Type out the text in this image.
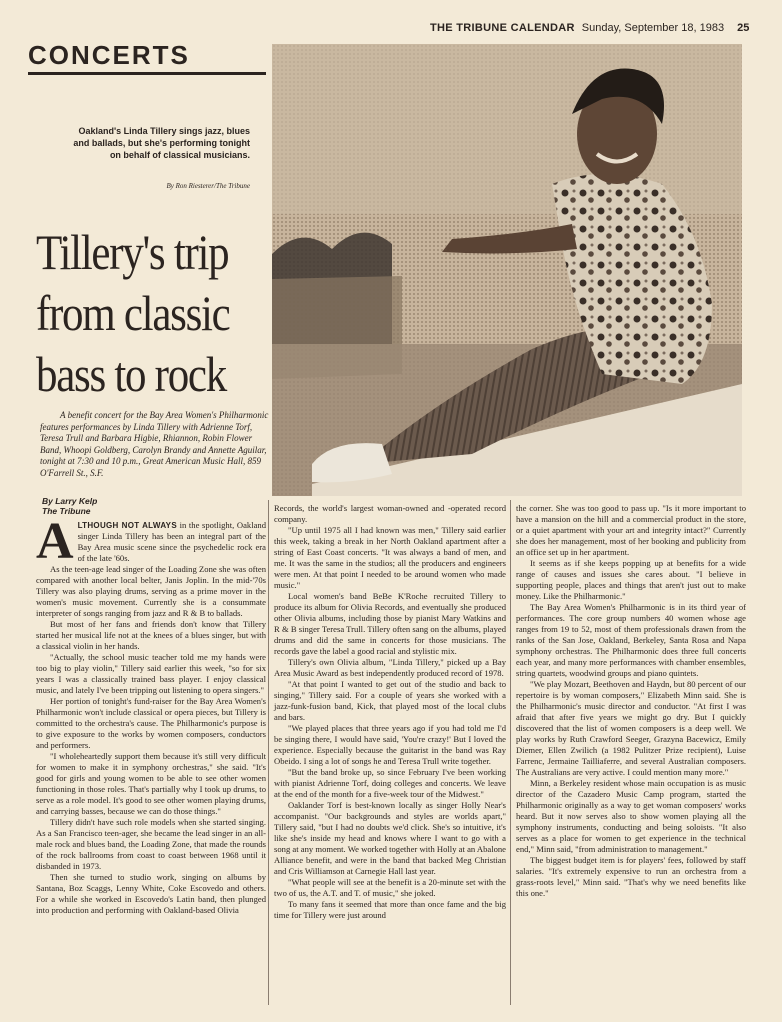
THE TRIBUNE CALENDAR Sunday, September 18, 1983 25
CONCERTS
Oakland's Linda Tillery sings jazz, blues and ballads, but she's performing tonight on behalf of classical musicians.
By Ron Riesterer/The Tribune
Tillery's trip from classic bass to rock
A benefit concert for the Bay Area Women's Philharmonic features performances by Linda Tillery with Adrienne Torf, Teresa Trull and Barbara Higbie, Rhiannon, Robin Flower Band, Whoopi Goldberg, Carolyn Brandy and Annette Aguilar, tonight at 7:30 and 10 p.m., Great American Music Hall, 859 O'Farrell St., S.F.
By Larry Kelp
The Tribune

ALTHOUGH NOT ALWAYS in the spotlight, Oakland singer Linda Tillery has been an integral part of the Bay Area music scene since the psychedelic rock era of the late '60s.

As the teen-age lead singer of the Loading Zone she was often compared with another local belter, Janis Joplin. In the mid-'70s Tillery was also playing drums, serving as a prime mover in the women's music movement. Currently she is a consummate interpreter of songs ranging from jazz and R & B to ballads.

But most of her fans and friends don't know that Tillery started her musical life not at the knees of a blues singer, but with a classical violin in her hands.

"Actually, the school music teacher told me my hands were too big to play violin," Tillery said earlier this week, "so for six years I was a classically trained bass player. I enjoy classical music, and lately I've been tripping out listening to opera singers."

Her portion of tonight's fund-raiser for the Bay Area Women's Philharmonic won't include classical or opera pieces, but Tillery is committed to the orchestra's cause. The Philharmonic's purpose is to give exposure to the works by women composers, conductors and performers.

"I wholeheartedly support them because it's still very difficult for women to make it in symphony orchestras," she said. "It's good for girls and young women to be able to see other women functioning in those roles. That's partially why I took up drums, to serve as a role model. It's good to see other women playing drums, and carrying basses, because we can do those things."

Tillery didn't have such role models when she started singing. As a San Francisco teen-ager, she became the lead singer in an all-male rock and blues band, the Loading Zone, that made the rounds of the rock ballrooms from coast to coast between 1968 until it disbanded in 1973.

Then she turned to studio work, singing on albums by Santana, Boz Scaggs, Lenny White, Coke Escovedo and others. For a while she worked in Escovedo's Latin band, then plunged into production and performing with Oakland-based Olivia

Records, the world's largest woman-owned and -operated record company.

"Up until 1975 all I had known was men," Tillery said earlier this week, taking a break in her North Oakland apartment after a string of East Coast concerts. "It was always a band of men, and me. It was the same in the studios; all the producers and engineers were men. At that point I needed to be around women who made music."

Local women's band BeBe K'Roche recruited Tillery to produce its album for Olivia Records, and eventually she produced other Olivia albums, including those by pianist Mary Watkins and R & B singer Teresa Trull. Tillery often sang on the albums, played drums and did the same in concerts for those musicians. The records gave the label a good racial and stylistic mix.

Tillery's own Olivia album, "Linda Tillery," picked up a Bay Area Music Award as best independently produced record of 1978.

"At that point I wanted to get out of the studio and back to singing," Tillery said. For a couple of years she worked with a jazz-funk-fusion band, Kick, that played most of the local clubs and bars.

"We played places that three years ago if you had told me I'd be singing there, I would have said, 'You're crazy!' But I loved the experience. Especially because the guitarist in the band was Ray Obeido. I sing a lot of songs he and Teresa Trull write together.

"But the band broke up, so since February I've been working with pianist Adrienne Torf, doing colleges and concerts. We leave at the end of the month for a five-week tour of the Midwest."

Oaklander Torf is best-known locally as singer Holly Near's accompanist. "Our backgrounds and styles are worlds apart," Tillery said, "but I had no doubts we'd click. She's so intuitive, it's like she's inside my head and knows where I want to go with a song at any moment. We worked together with Holly at an Abalone Alliance benefit, and were in the band that backed Meg Christian and Cris Williamson at Carnegie Hall last year.

"What people will see at the benefit is a 20-minute set with the two of us, the A.T. and T. of music," she joked.

To many fans it seemed that more than once fame and the big time for Tillery were just around

the corner. She was too good to pass up. "Is it more important to have a mansion on the hill and a commercial product in the store, or a quiet apartment with your art and integrity intact?" Currently she does her management, most of her booking and publicity from an office set up in her apartment.

It seems as if she keeps popping up at benefits for a wide range of causes and issues she cares about. "I believe in supporting people, places and things that aren't just out to make money. Like the Philharmonic."

The Bay Area Women's Philharmonic is in its third year of performances. The core group numbers 40 women whose age ranges from 19 to 52, most of them professionals drawn from the ranks of the San Jose, Oakland, Berkeley, Santa Rosa and Napa symphony orchestras. The Philharmonic does three full concerts each year, and many more performances with chamber ensembles, string quartets, woodwind groups and piano quintets.

"We play Mozart, Beethoven and Haydn, but 80 percent of our repertoire is by woman composers," Elizabeth Minn said. She is the Philharmonic's music director and conductor. "At first I was afraid that after five years we might go dry. But I quickly discovered that the list of women composers is a deep well. We play works by Ruth Crawford Seeger, Grazyna Bacewicz, Emily Diemer, Ellen Zwilich (a 1982 Pulitzer Prize recipient), Luise Farrenc, Jermaine Tailliaferre, and several Australian composers. The Australians are very active. I could mention many more."

Minn, a Berkeley resident whose main occupation is as music director of the Cazadero Music Camp program, started the Philharmonic originally as a way to get woman composers' works heard. But it now serves also to show women playing all the symphony instruments, conducting and being soloists. "It also serves as a place for women to get experience in the technical end," Minn said, "from administration to management."

The biggest budget item is for players' fees, followed by staff salaries. "It's extremely expensive to run an orchestra from a grass-roots level," Minn said. "That's why we need benefits like this one."
